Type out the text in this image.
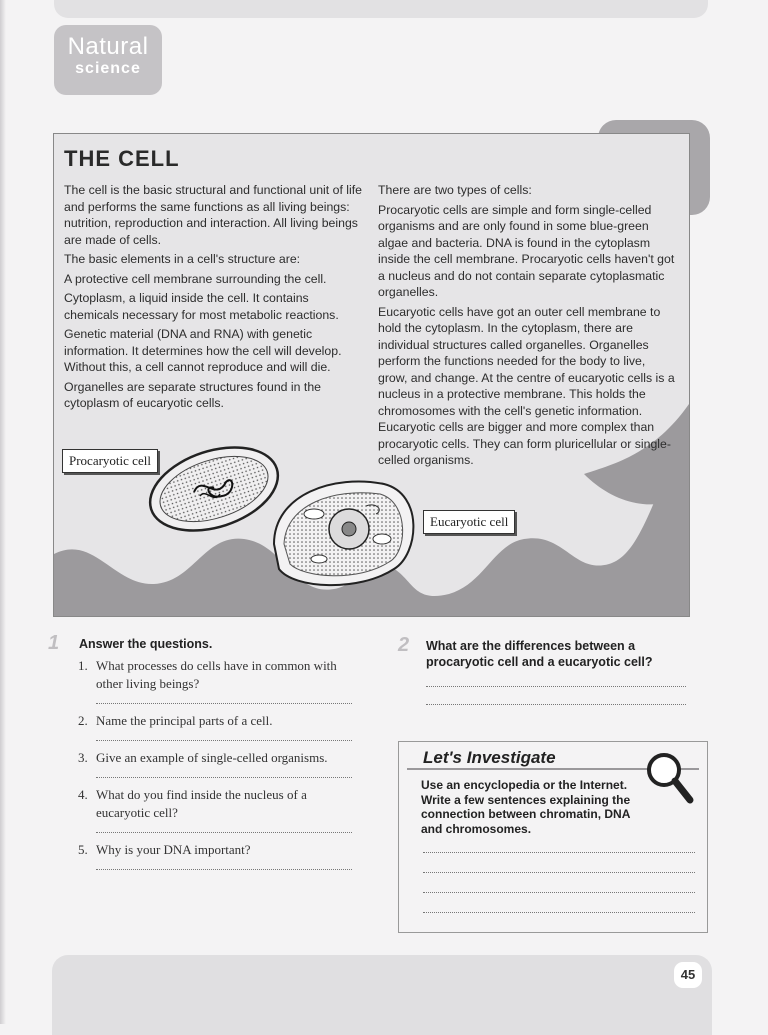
Natural
science
THE CELL

The cell is the basic structural and functional unit of life and performs the same functions as all living beings: nutrition, reproduction and interaction. All living beings are made of cells.

The basic elements in a cell's structure are:

A protective cell membrane surrounding the cell.

Cytoplasm, a liquid inside the cell. It contains chemicals necessary for most metabolic reactions.

Genetic material (DNA and RNA) with genetic information. It determines how the cell will develop. Without this, a cell cannot reproduce and will die.

Organelles are separate structures found in the cytoplasm of eucaryotic cells.

There are two types of cells:

Procaryotic cells are simple and form single-celled organisms and are only found in some blue-green algae and bacteria. DNA is found in the cytoplasm inside the cell membrane. Procaryotic cells haven't got a nucleus and do not contain separate cytoplasmatic organelles.

Eucaryotic cells have got an outer cell membrane to hold the cytoplasm. In the cytoplasm, there are individual structures called organelles. Organelles perform the functions needed for the body to live, grow, and change. At the centre of eucaryotic cells is a nucleus in a protective membrane. This holds the chromosomes with the cell's genetic information. Eucaryotic cells are bigger and more complex than procaryotic cells. They can form pluricellular or single-celled organisms.

Procaryotic cell
Eucaryotic cell
1 Answer the questions.
1. What processes do cells have in common with other living beings?
2. Name the principal parts of a cell.
3. Give an example of single-celled organisms.
4. What do you find inside the nucleus of a eucaryotic cell?
5. Why is your DNA important?
2 What are the differences between a procaryotic cell and a eucaryotic cell?
Let's Investigate
Use an encyclopedia or the Internet. Write a few sentences explaining the connection between chromatin, DNA and chromosomes.
45
